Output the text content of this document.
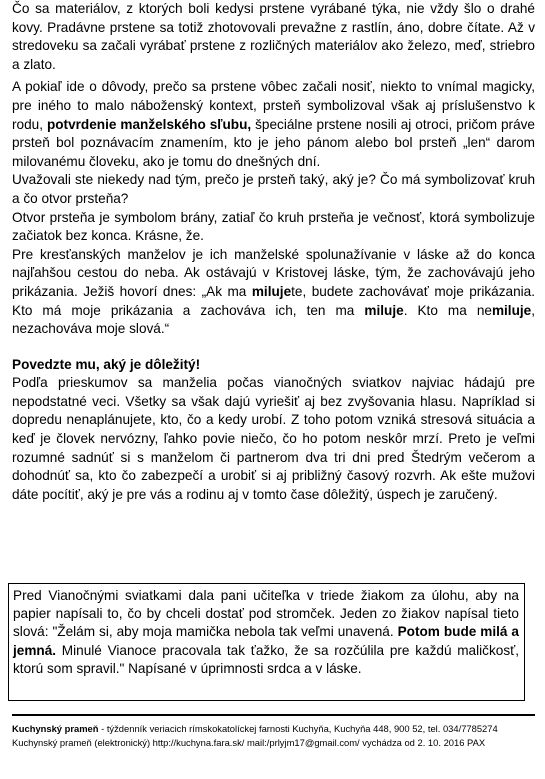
Čo sa materiálov, z ktorých boli kedysi prstene vyrábané týka, nie vždy šlo o drahé kovy. Pradávne prstene sa totiž zhotovovali prevažne z rastlín, áno, dobre čítate. Až v stredoveku sa začali vyrábať prstene z rozličných materiálov ako železo, meď, striebro a zlato.

A pokiaľ ide o dôvody, prečo sa prstene vôbec začali nosiť, niekto to vnímal magicky, pre iného to malo náboženský kontext, prsteň symbolizoval však aj príslušenstvo k rodu, potvrdenie manželského sľubu, špeciálne prstene nosili aj otroci, pričom práve prsteň bol poznávacím znamením, kto je jeho pánom alebo bol prsteň „len“ darom milovanému človeku, ako je tomu do dnešných dní.

Uvažovali ste niekedy nad tým, prečo je prsteň taký, aký je? Čo má symbolizovať kruh a čo otvor prsteňa?

Otvor prsteňa je symbolom brány, zatiaľ čo kruh prsteňa je večnosť, ktorá symbolizuje začiatok bez konca. Krásne, že.

Pre kresťanských manželov je ich manželské spolunažívanie v láske až do konca najľahšou cestou do neba. Ak ostávajú v Kristovej láske, tým, že zachovávajú jeho prikázania. Ježiš hovorí dnes: „Ak ma milujete, budete zachovávať moje prikázania. Kto má moje prikázania a zachováva ich, ten ma miluje. Kto ma nemiluje, nezachováva moje slová.“

Povedzte mu, aký je dôležitý!

Podľa prieskumov sa manželia počas vianočných sviatkov najviac hádajú pre nepodstatné veci. Všetky sa však dajú vyriešiť aj bez zvyšovania hlasu. Napríklad si dopredu nenaplánujete, kto, čo a kedy urobí. Z toho potom vzniká stresová situácia a keď je človek nervózny, ľahko povie niečo, čo ho potom neskôr mrzí. Preto je veľmi rozumné sadnúť si s manželom či partnerom dva tri dni pred Štedrým večerom a dohodnúť sa, kto čo zabezpečí a urobiť si aj približný časový rozvrh. Ak ešte mužovi dáte pocítiť, aký je pre vás a rodinu aj v tomto čase dôležitý, úspech je zaručený.

Pred Vianočnými sviatkami dala pani učiteľka v triede žiakom za úlohu, aby na papier napísali to, čo by chceli dostať pod stromček. Jeden zo žiakov napísal tieto slová: "Želám si, aby moja mamička nebola tak veľmi unavená. Potom bude milá a jemná. Minulé Vianoce pracovala tak ťažko, že sa rozčúlila pre každú maličkosť, ktorú som spravil." Napísané v úprimnosti srdca a v láske.

Kuchynský prameň - týždenník veriacich rímskokatolíckej farnosti Kuchyňa, Kuchyňa 448, 900 52, tel. 034/7785274
Kuchynský prameň (elektronický) http://kuchyna.fara.sk/ mail:/prlyjm17@gmail.com/ vychádza od 2. 10. 2016 PAX
